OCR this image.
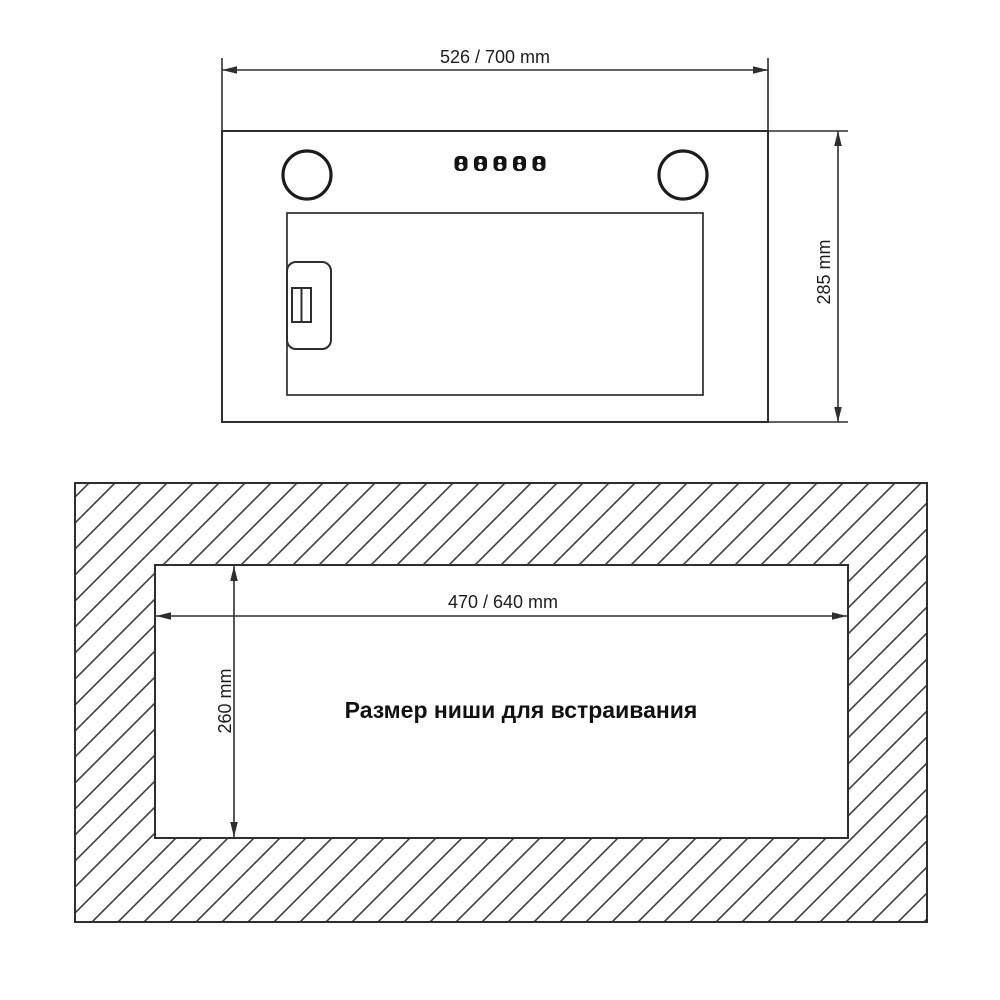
526 / 700 mm
285 mm
470 / 640 mm
260 mm	Размер ниши для встраивания
